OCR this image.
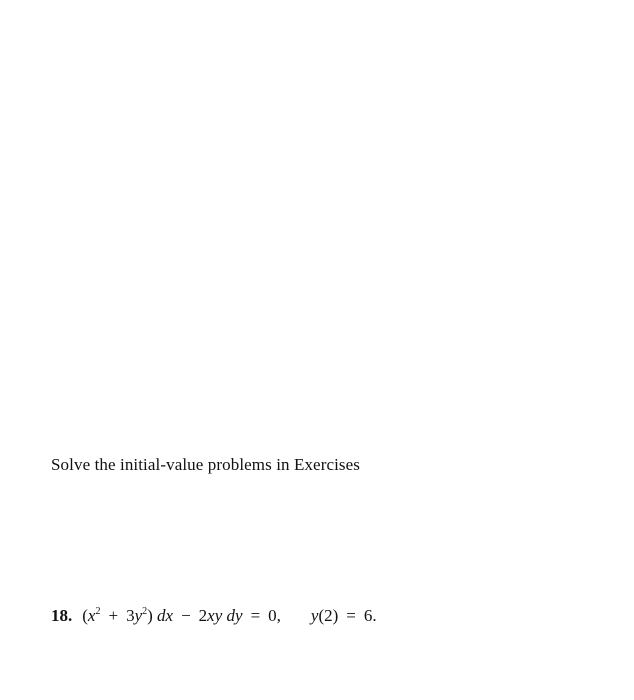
Solve the initial-value problems in Exercises
18. $(x^2 + 3y^2)$ dx − 2xy dy = 0, y(2) = 6.
